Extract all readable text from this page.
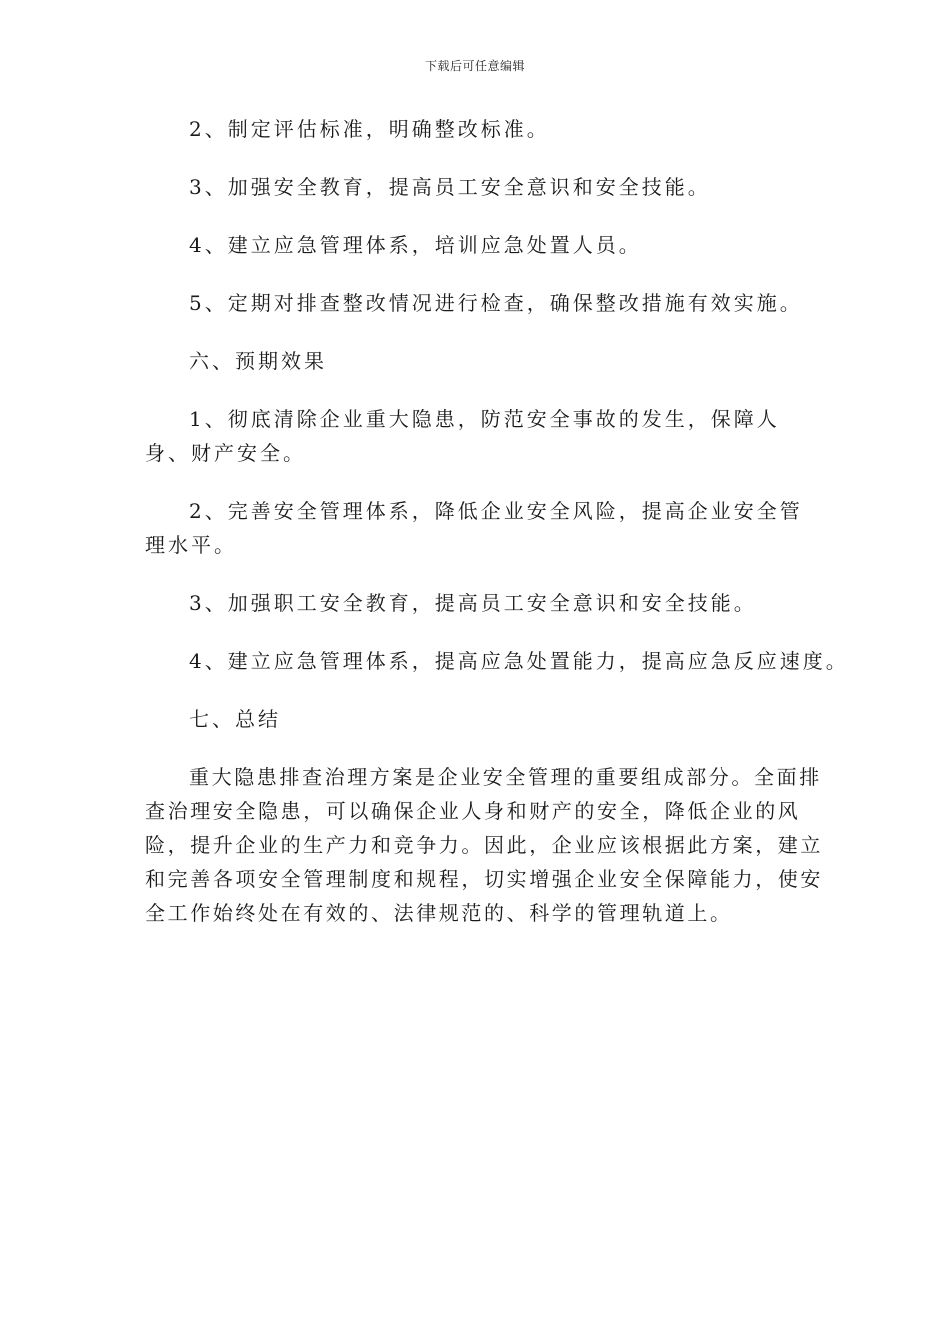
下载后可任意编辑

2、制定评估标准，明确整改标准。

3、加强安全教育，提高员工安全意识和安全技能。

4、建立应急管理体系，培训应急处置人员。

5、定期对排查整改情况进行检查，确保整改措施有效实施。

六、预期效果

1、彻底清除企业重大隐患，防范安全事故的发生，保障人身、财产安全。

2、完善安全管理体系，降低企业安全风险，提高企业安全管理水平。

3、加强职工安全教育，提高员工安全意识和安全技能。

4、建立应急管理体系，提高应急处置能力，提高应急反应速度。

七、总结

重大隐患排查治理方案是企业安全管理的重要组成部分。全面排查治理安全隐患，可以确保企业人身和财产的安全，降低企业的风险，提升企业的生产力和竞争力。因此，企业应该根据此方案，建立和完善各项安全管理制度和规程，切实增强企业安全保障能力，使安全工作始终处在有效的、法律规范的、科学的管理轨道上。
